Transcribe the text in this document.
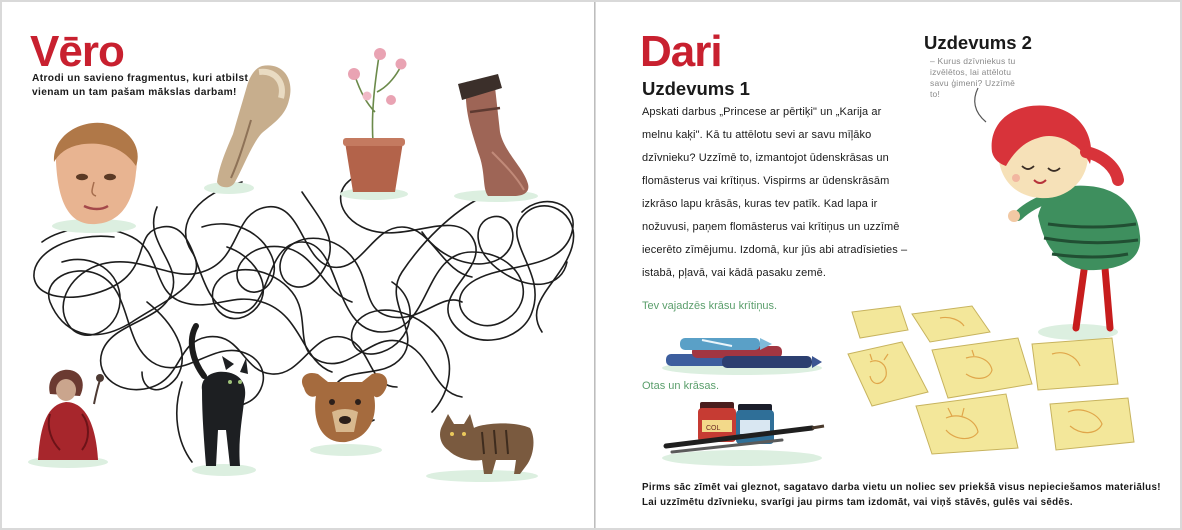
Vēro
Atrodi un savieno fragmentus, kuri atbilst vienam un tam pašam mākslas darbam!
Dari
Uzdevums 1
Apskati darbus „Princese ar pērtiķi" un „Karija ar melnu kaķi". Kā tu attēlotu sevi ar savu mīļāko dzīvnieku? Uzzīmē to, izmantojot ūdenskrāsas un flomāsterus vai krītiņus. Vispirms ar ūdenskrāsām izkrāso lapu krāsās, kuras tev patīk. Kad lapa ir nožuvusi, paņem flomāsterus vai krītiņus un uzzīmē iecerēto zīmējumu. Izdomā, kur jūs abi atradīsieties – istabā, pļavā, vai kādā pasaku zemē.
Uzdevums 2
– Kurus dzīvniekus tu izvēlētos, lai attēlotu savu ģimeni? Uzzīmē to!
Tev vajadzēs krāsu krītiņus.
Otas un krāsas.
COL
Pirms sāc zīmēt vai gleznot, sagatavo darba vietu un noliec sev priekšā visus nepieciešamos materiālus! Lai uzzīmētu dzīvnieku, svarīgi jau pirms tam izdomāt, vai viņš stāvēs, gulēs vai sēdēs.
